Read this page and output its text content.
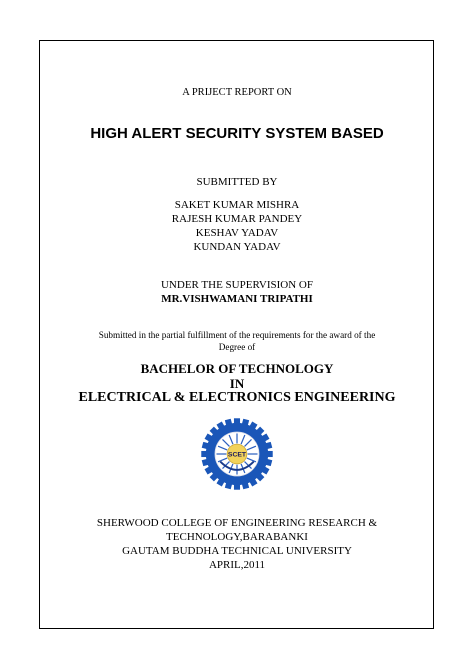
A PRIJECT REPORT ON
HIGH ALERT SECURITY SYSTEM BASED
SUBMITTED BY
SAKET KUMAR MISHRA
RAJESH KUMAR PANDEY
KESHAV YADAV
KUNDAN YADAV
UNDER THE SUPERVISION OF
MR.VISHWAMANI TRIPATHI
Submitted in the partial fulfillment of the requirements for the award of the
Degree of
BACHELOR OF TECHNOLOGY
IN
ELECTRICAL & ELECTRONICS ENGINEERING
SCET
SHERWOOD COLLEGE OF ENGINEERING RESEARCH &
TECHNOLOGY,BARABANKI
GAUTAM BUDDHA TECHNICAL UNIVERSITY
APRIL,2011
